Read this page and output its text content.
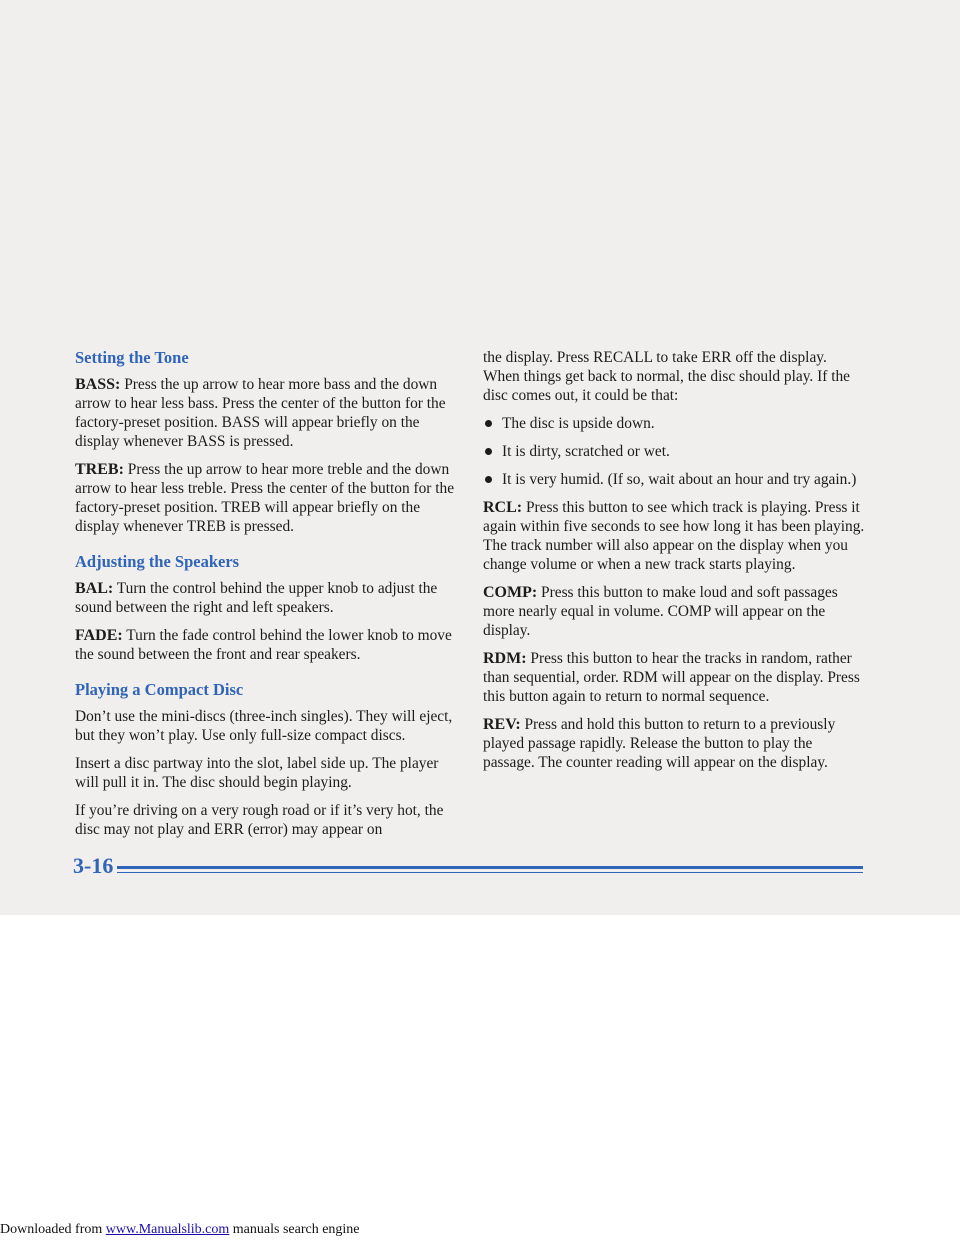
Setting the Tone

BASS: Press the up arrow to hear more bass and the down arrow to hear less bass. Press the center of the button for the factory-preset position. BASS will appear briefly on the display whenever BASS is pressed.

TREB: Press the up arrow to hear more treble and the down arrow to hear less treble. Press the center of the button for the factory-preset position. TREB will appear briefly on the display whenever TREB is pressed.

Adjusting the Speakers

BAL: Turn the control behind the upper knob to adjust the sound between the right and left speakers.

FADE: Turn the fade control behind the lower knob to move the sound between the front and rear speakers.

Playing a Compact Disc

Don’t use the mini-discs (three-inch singles). They will eject, but they won’t play. Use only full-size compact discs.

Insert a disc partway into the slot, label side up. The player will pull it in. The disc should begin playing.

If you’re driving on a very rough road or if it’s very hot, the disc may not play and ERR (error) may appear on

the display. Press RECALL to take ERR off the display. When things get back to normal, the disc should play. If the disc comes out, it could be that:

The disc is upside down.
It is dirty, scratched or wet.
It is very humid. (If so, wait about an hour and try again.)

RCL: Press this button to see which track is playing. Press it again within five seconds to see how long it has been playing. The track number will also appear on the display when you change volume or when a new track starts playing.

COMP: Press this button to make loud and soft passages more nearly equal in volume. COMP will appear on the display.

RDM: Press this button to hear the tracks in random, rather than sequential, order. RDM will appear on the display. Press this button again to return to normal sequence.

REV: Press and hold this button to return to a previously played passage rapidly. Release the button to play the passage. The counter reading will appear on the display.

3-16
Downloaded from www.Manualslib.com manuals search engine
